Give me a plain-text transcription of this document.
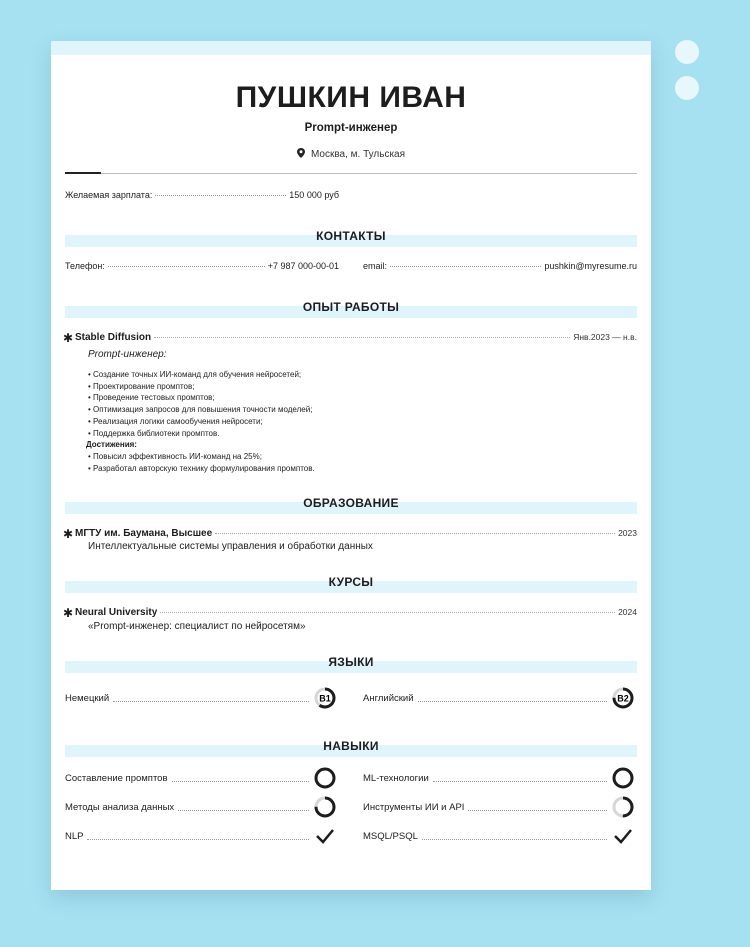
ПУШКИН ИВАН
Prompt-инженер
Москва, м. Тульская
Желаемая зарплата:	150 000 руб
КОНТАКТЫ
Телефон:	+7 987 000-00-01	email:	pushkin@myresume.ru
ОПЫТ РАБОТЫ
✱ Stable Diffusion	Янв.2023 — н.в.
Prompt-инженер:
• Создание точных ИИ-команд для обучения нейросетей;
• Проектирование промптов;
• Проведение тестовых промптов;
• Оптимизация запросов для повышения точности моделей;
• Реализация логики самообучения нейросети;
• Поддержка библиотеки промптов.
Достижения:
• Повысил эффективность ИИ-команд на 25%;
• Разработал авторскую технику формулирования промптов.
ОБРАЗОВАНИЕ
✱ МГТУ им. Баумана, Высшее	2023
Интеллектуальные системы управления и обработки данных
КУРСЫ
✱ Neural University	2024
«Prompt-инженер: специалист по нейросетям»
ЯЗЫКИ
Немецкий	B1	Английский	B2
НАВЫКИ
Составление промптов	ML-технологии
Методы анализа данных	Инструменты ИИ и API
NLP	MSQL/PSQL
